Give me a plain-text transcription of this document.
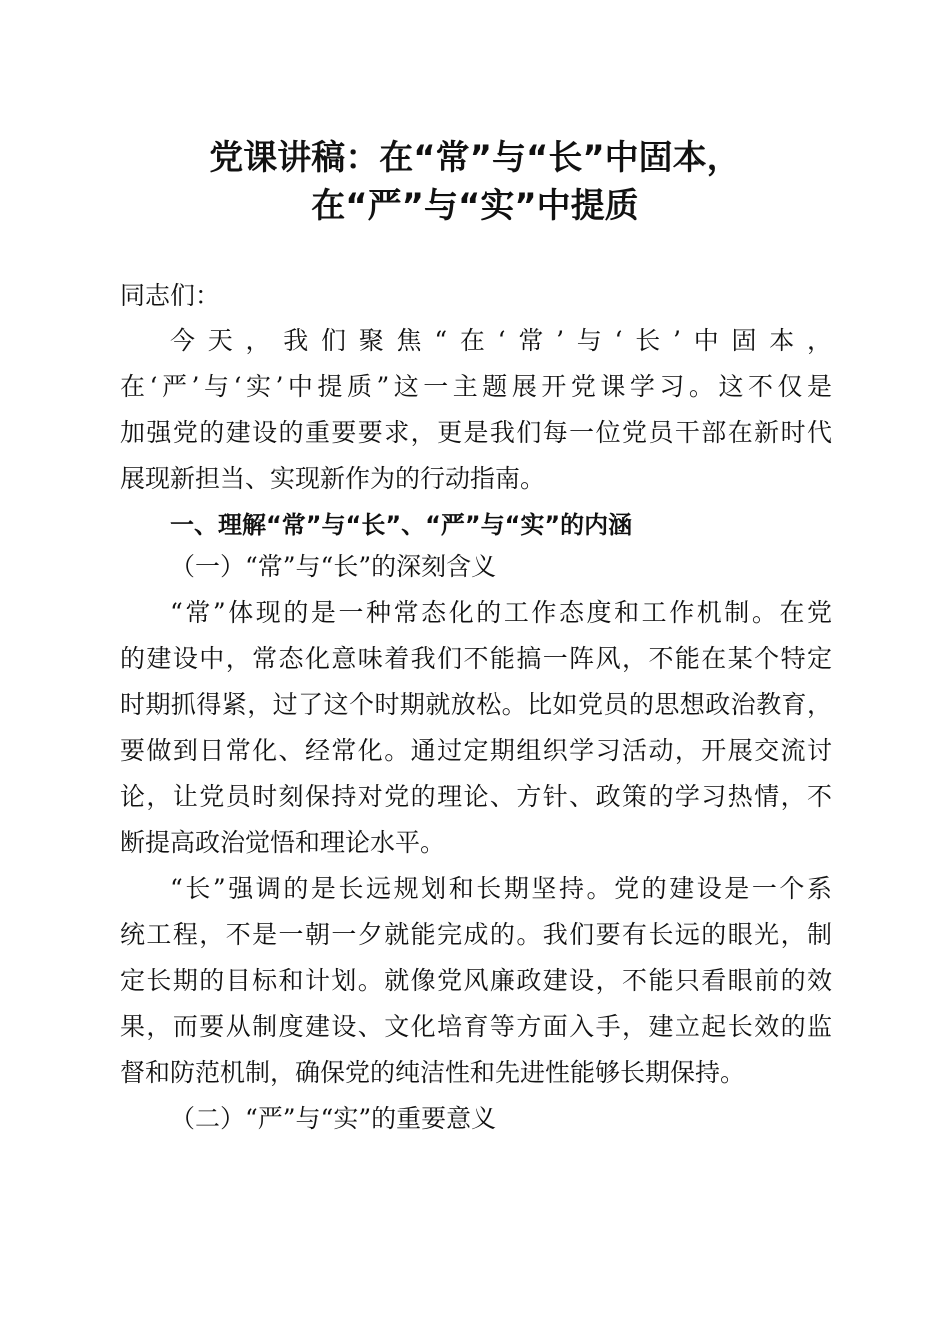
党课讲稿：在“常”与“长”中固本，
在“严”与“实”中提质
同志们：
今天，我们聚焦“在‘常’与‘长’中固本，
在‘严’与‘实’中提质”这一主题展开党课学习。这不仅是
加强党的建设的重要要求，更是我们每一位党员干部在新时代
展现新担当、实现新作为的行动指南。
一、理解“常”与“长”、“严”与“实”的内涵
（一）“常”与“长”的深刻含义
“常”体现的是一种常态化的工作态度和工作机制。在党
的建设中，常态化意味着我们不能搞一阵风，不能在某个特定
时期抓得紧，过了这个时期就放松。比如党员的思想政治教育，
要做到日常化、经常化。通过定期组织学习活动，开展交流讨
论，让党员时刻保持对党的理论、方针、政策的学习热情，不
断提高政治觉悟和理论水平。
“长”强调的是长远规划和长期坚持。党的建设是一个系
统工程，不是一朝一夕就能完成的。我们要有长远的眼光，制
定长期的目标和计划。就像党风廉政建设，不能只看眼前的效
果，而要从制度建设、文化培育等方面入手，建立起长效的监
督和防范机制，确保党的纯洁性和先进性能够长期保持。
（二）“严”与“实”的重要意义
